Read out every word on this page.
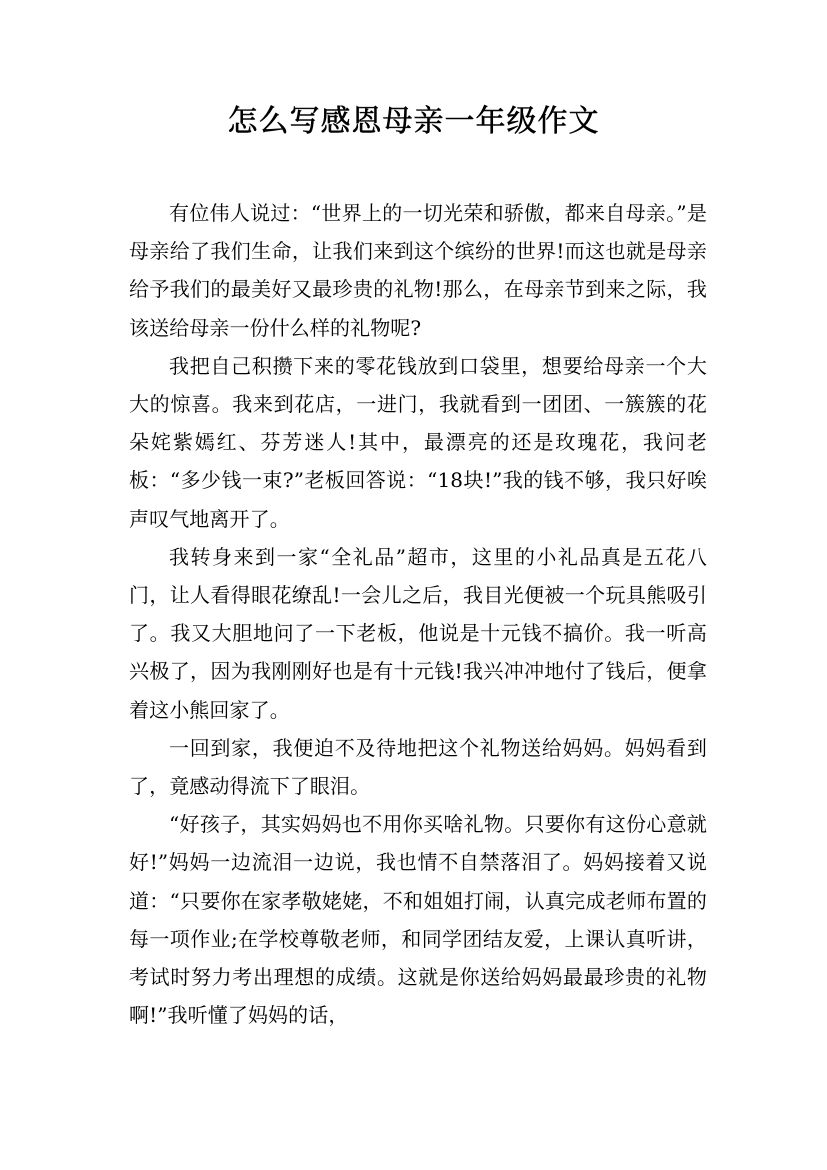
怎么写感恩母亲一年级作文

有位伟人说过：“世界上的一切光荣和骄傲，都来自母亲。”是母亲给了我们生命，让我们来到这个缤纷的世界!而这也就是母亲给予我们的最美好又最珍贵的礼物!那么，在母亲节到来之际，我该送给母亲一份什么样的礼物呢?

我把自己积攒下来的零花钱放到口袋里，想要给母亲一个大大的惊喜。我来到花店，一进门，我就看到一团团、一簇簇的花朵姹紫嫣红、芬芳迷人!其中，最漂亮的还是玫瑰花，我问老板：“多少钱一束?”老板回答说：“18块!”我的钱不够，我只好唉声叹气地离开了。

我转身来到一家“全礼品”超市，这里的小礼品真是五花八门，让人看得眼花缭乱!一会儿之后，我目光便被一个玩具熊吸引了。我又大胆地问了一下老板，他说是十元钱不搞价。我一听高兴极了，因为我刚刚好也是有十元钱!我兴冲冲地付了钱后，便拿着这小熊回家了。

一回到家，我便迫不及待地把这个礼物送给妈妈。妈妈看到了，竟感动得流下了眼泪。

“好孩子，其实妈妈也不用你买啥礼物。只要你有这份心意就好!”妈妈一边流泪一边说，我也情不自禁落泪了。妈妈接着又说道：“只要你在家孝敬姥姥，不和姐姐打闹，认真完成老师布置的每一项作业;在学校尊敬老师，和同学团结友爱，上课认真听讲，考试时努力考出理想的成绩。这就是你送给妈妈最最珍贵的礼物啊!”我听懂了妈妈的话，
